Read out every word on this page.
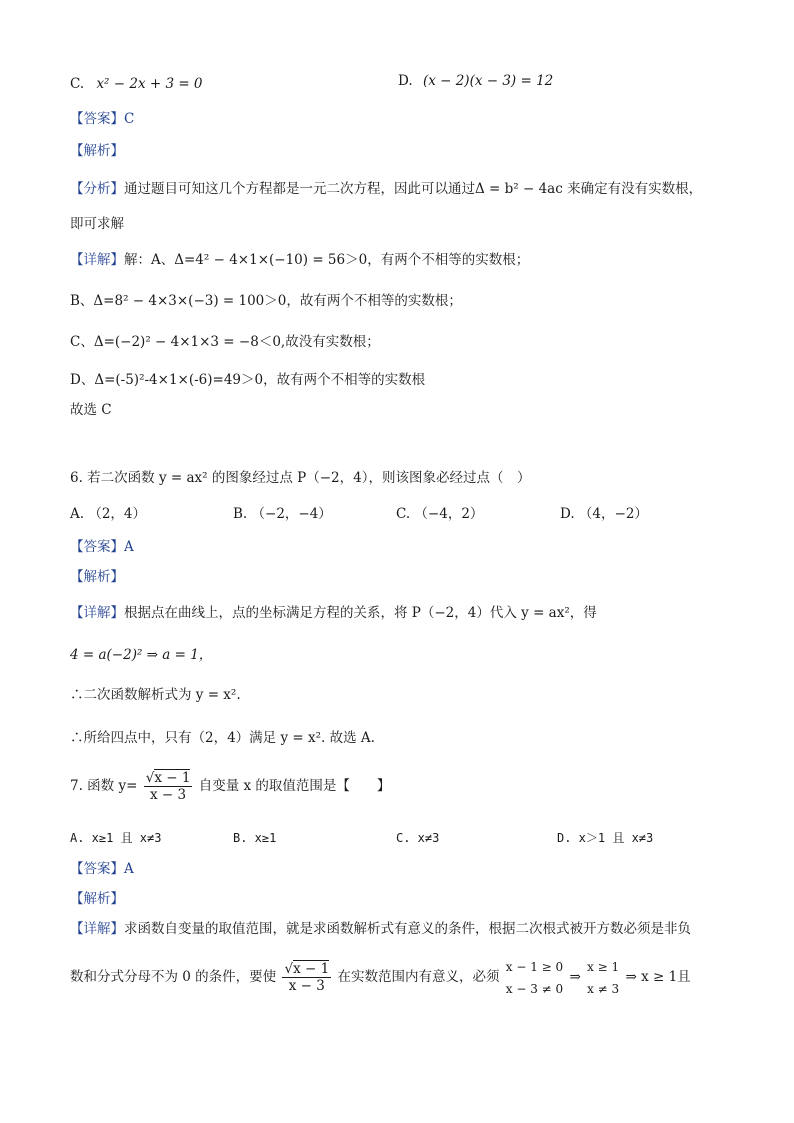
C. x² − 2x + 3 = 0	D. (x − 2)(x − 3) = 12
【答案】C
【解析】
【分析】通过题目可知这几个方程都是一元二次方程，因此可以通过Δ = b² − 4ac 来确定有没有实数根，
即可求解
【详解】解：A、Δ=4² − 4×1×(−10) = 56＞0，有两个不相等的实数根；
B、Δ=8² − 4×3×(−3) = 100＞0，故有两个不相等的实数根；
C、Δ=(−2)² − 4×1×3 = −8＜0,故没有实数根；
D、Δ=(-5)²-4×1×(-6)=49＞0，故有两个不相等的实数根
故选 C
6. 若二次函数 y = ax² 的图象经过点 P（−2，4），则该图象必经过点（　）
A. （2，4）	B. （−2，−4）	C. （−4，2）	D. （4，−2）
【答案】A
【解析】
【详解】根据点在曲线上，点的坐标满足方程的关系，将 P（−2，4）代入 y = ax²，得
4 = a(−2)² ⇒ a = 1，
∴二次函数解析式为 y = x².
∴所给四点中，只有（2，4）满足 y = x². 故选 A.
7. 函数 $y= \frac{√x - 1}{x - 3}$ 自变量 x 的取值范围是【　　】
A. x≥1 且 x≠3	B. x≥1	C. x≠3	D. x＞1 且 x≠3
【答案】A
【解析】
【详解】求函数自变量的取值范围，就是求函数解析式有意义的条件，根据二次根式被开方数必须是非负
数和分式分母不为 0 的条件，要使 $\frac{√x - 1}{x - 3}$ 在实数范围内有意义，必须
x − 1 ≥ 0
x − 3 ≠ 0
⇒
x ≥ 1
x ≠ 3
⇒ x ≥ 1且
